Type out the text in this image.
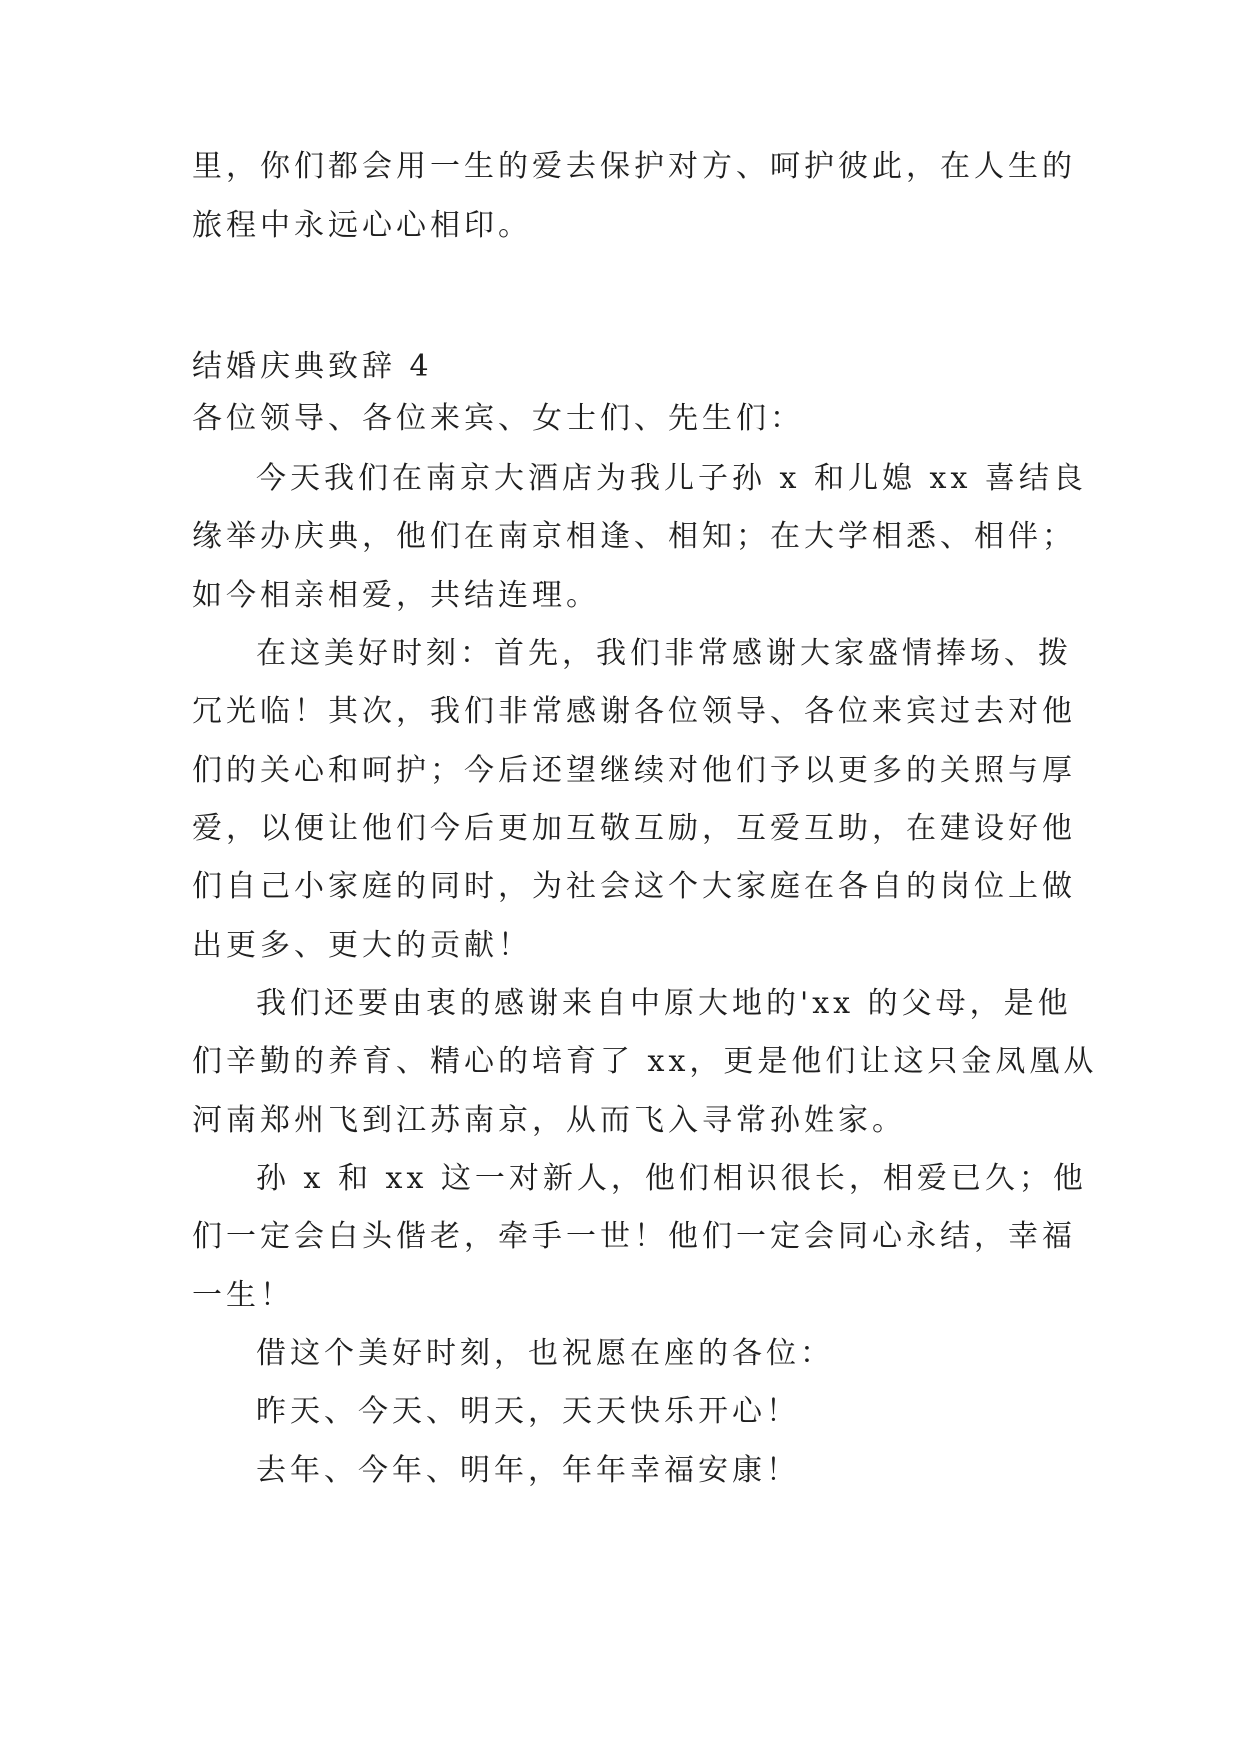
里，你们都会用一生的爱去保护对方、呵护彼此，在人生的
旅程中永远心心相印。
结婚庆典致辞 4
各位领导、各位来宾、女士们、先生们：
今天我们在南京大酒店为我儿子孙 x 和儿媳 xx 喜结良
缘举办庆典，他们在南京相逢、相知；在大学相悉、相伴；
如今相亲相爱，共结连理。
在这美好时刻：首先，我们非常感谢大家盛情捧场、拨
冗光临！其次，我们非常感谢各位领导、各位来宾过去对他
们的关心和呵护；今后还望继续对他们予以更多的关照与厚
爱，以便让他们今后更加互敬互励，互爱互助，在建设好他
们自己小家庭的同时，为社会这个大家庭在各自的岗位上做
出更多、更大的贡献！
我们还要由衷的感谢来自中原大地的'xx 的父母，是他
们辛勤的养育、精心的培育了 xx，更是他们让这只金凤凰从
河南郑州飞到江苏南京，从而飞入寻常孙姓家。
孙 x 和 xx 这一对新人，他们相识很长，相爱已久；他
们一定会白头偕老，牵手一世！他们一定会同心永结，幸福
一生！
借这个美好时刻，也祝愿在座的各位：
昨天、今天、明天，天天快乐开心！
去年、今年、明年，年年幸福安康！
